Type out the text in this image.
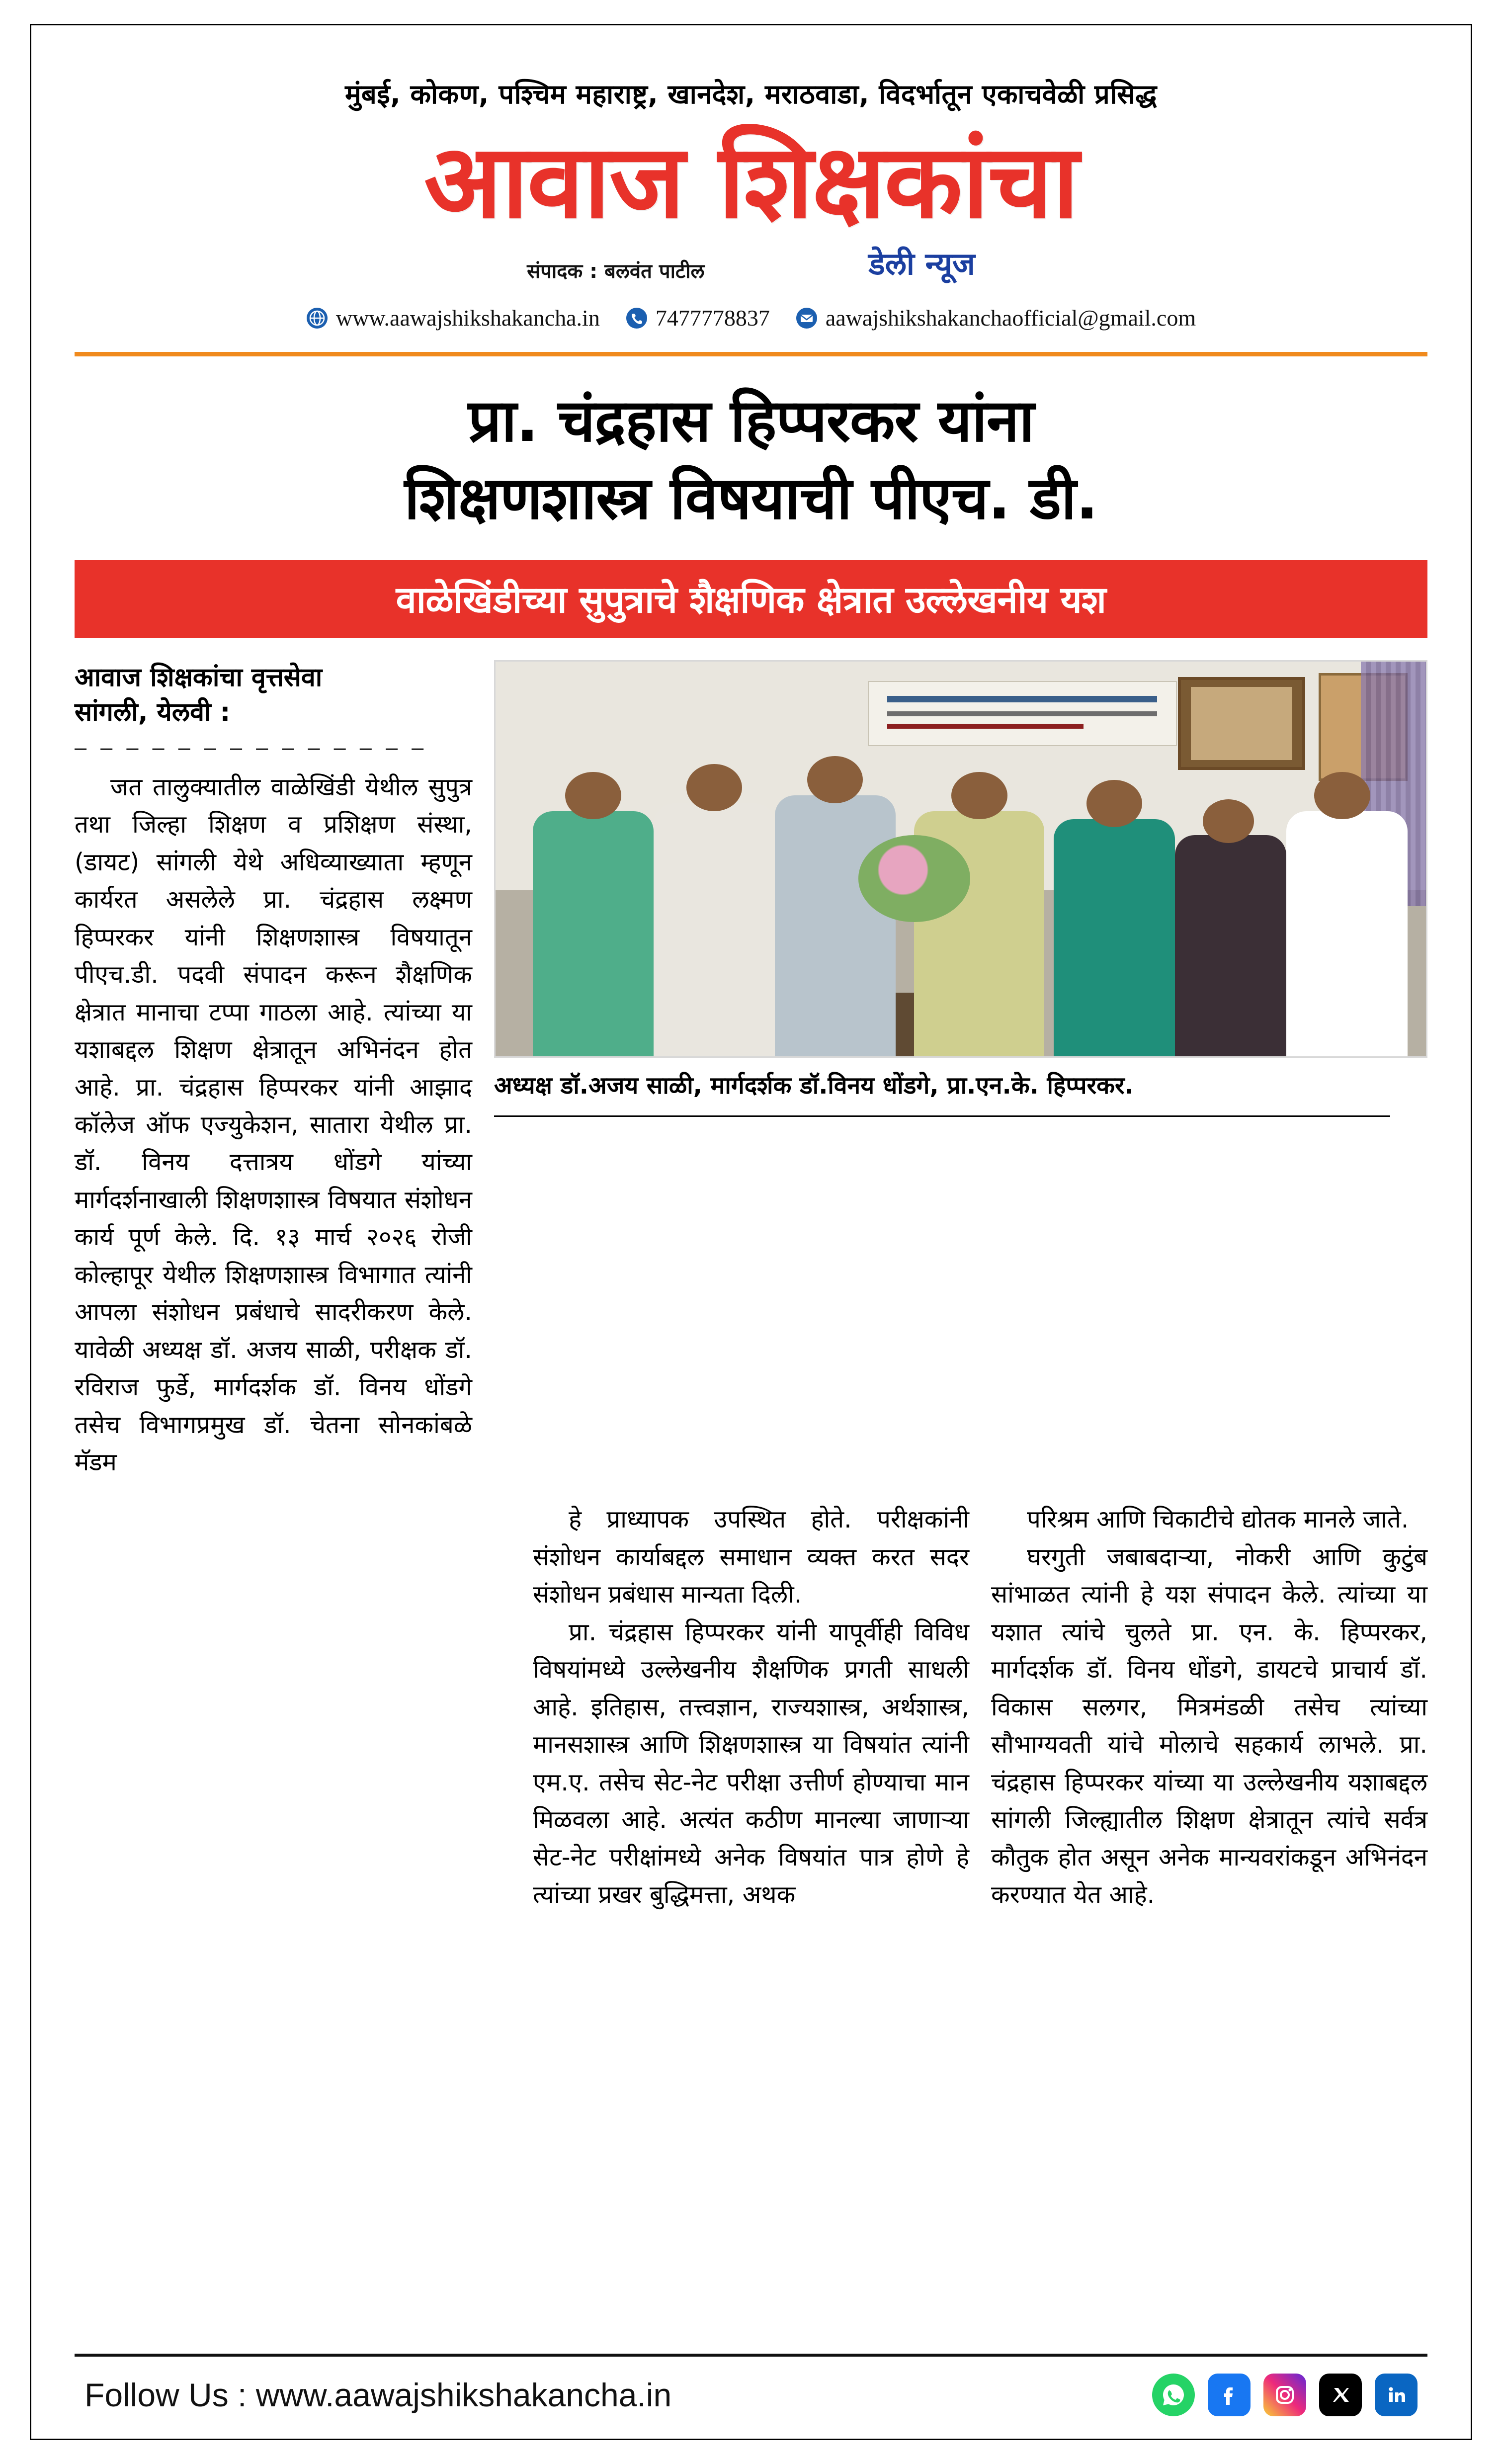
मुंबई, कोकण, पश्चिम महाराष्ट्र, खानदेश, मराठवाडा, विदर्भातून एकाचवेळी प्रसिद्ध
आवाज शिक्षकांचा
संपादक : बलवंत पाटील	डेली न्यूज
www.aawajshikshakancha.in 7477778837 aawajshikshakanchaofficial@gmail.com
प्रा. चंद्रहास हिप्परकर यांना
शिक्षणशास्त्र विषयाची पीएच. डी.
वाळेखिंडीच्या सुपुत्राचे शैक्षणिक क्षेत्रात उल्लेखनीय यश
आवाज शिक्षकांचा वृत्तसेवा
सांगली, येलवी :
– – – – – – – – – – – – – –

जत तालुक्यातील वाळेखिंडी येथील सुपुत्र तथा जिल्हा शिक्षण व प्रशिक्षण संस्था, (डायट) सांगली येथे अधिव्याख्याता म्हणून कार्यरत असलेले प्रा. चंद्रहास लक्ष्मण हिप्परकर यांनी शिक्षणशास्त्र विषयातून पीएच.डी. पदवी संपादन करून शैक्षणिक क्षेत्रात मानाचा टप्पा गाठला आहे. त्यांच्या या यशाबद्दल शिक्षण क्षेत्रातून अभिनंदन होत आहे. प्रा. चंद्रहास हिप्परकर यांनी आझाद कॉलेज ऑफ एज्युकेशन, सातारा येथील प्रा. डॉ. विनय दत्तात्रय धोंडगे यांच्या मार्गदर्शनाखाली शिक्षणशास्त्र विषयात संशोधन कार्य पूर्ण केले. दि. १३ मार्च २०२६ रोजी कोल्हापूर येथील शिक्षणशास्त्र विभागात त्यांनी आपला संशोधन प्रबंधाचे सादरीकरण केले. यावेळी अध्यक्ष डॉ. अजय साळी, परीक्षक डॉ. रविराज फुर्डे, मार्गदर्शक डॉ. विनय धोंडगे तसेच विभागप्रमुख डॉ. चेतना सोनकांबळे मॅडम

अध्यक्ष डॉ.अजय साळी, मार्गदर्शक डॉ.विनय धोंडगे, प्रा.एन.के. हिप्परकर.

हे प्राध्यापक उपस्थित होते. परीक्षकांनी संशोधन कार्याबद्दल समाधान व्यक्त करत सदर संशोधन प्रबंधास मान्यता दिली.

प्रा. चंद्रहास हिप्परकर यांनी यापूर्वीही विविध विषयांमध्ये उल्लेखनीय शैक्षणिक प्रगती साधली आहे. इतिहास, तत्त्वज्ञान, राज्यशास्त्र, अर्थशास्त्र, मानसशास्त्र आणि शिक्षणशास्त्र या विषयांत त्यांनी एम.ए. तसेच सेट-नेट परीक्षा उत्तीर्ण होण्याचा मान मिळवला आहे. अत्यंत कठीण मानल्या जाणाऱ्या सेट-नेट परीक्षांमध्ये अनेक विषयांत पात्र होणे हे त्यांच्या प्रखर बुद्धिमत्ता, अथक

परिश्रम आणि चिकाटीचे द्योतक मानले जाते.

घरगुती जबाबदाऱ्या, नोकरी आणि कुटुंब सांभाळत त्यांनी हे यश संपादन केले. त्यांच्या या यशात त्यांचे चुलते प्रा. एन. के. हिप्परकर, मार्गदर्शक डॉ. विनय धोंडगे, डायटचे प्राचार्य डॉ. विकास सलगर, मित्रमंडळी तसेच त्यांच्या सौभाग्यवती यांचे मोलाचे सहकार्य लाभले. प्रा. चंद्रहास हिप्परकर यांच्या या उल्लेखनीय यशाबद्दल सांगली जिल्ह्यातील शिक्षण क्षेत्रातून त्यांचे सर्वत्र कौतुक होत असून अनेक मान्यवरांकडून अभिनंदन करण्यात येत आहे.

Follow Us : www.aawajshikshakancha.in
